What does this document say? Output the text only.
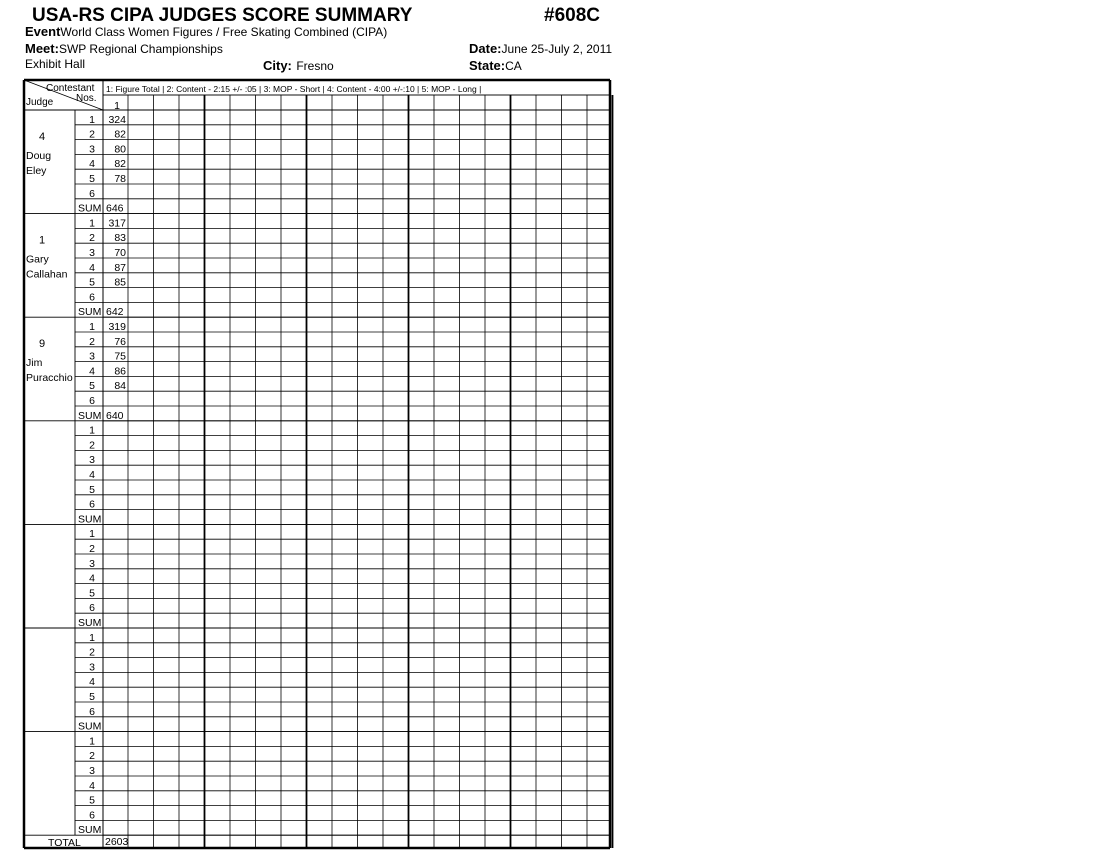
USA-RS CIPA JUDGES SCORE SUMMARY	#608C
EventWorld Class Women Figures / Free Skating Combined (CIPA)
Meet:SWP Regional Championships	Date:June 25-July 2, 2011
Exhibit Hall	City: Fresno	State:CA
Contestant
Nos.
Judge
1: Figure Total | 2: Content - 2:15 +/- :05 | 3: MOP - Short | 4: Content - 4:00 +/-:10 | 5: MOP - Long |
1
4
Doug
Eley
1 324
2 82
3 80
4 82
5 78
6
SUM 646
1
Gary
Callahan
1 317
2 83
3 70
4 87
5 85
6
SUM 642
9
Jim
Puracchio
1 319
2 76
3 75
4 86
5 84
6
SUM 640
1
2
3
4
5
6
SUM
1
2
3
4
5
6
SUM
1
2
3
4
5
6
SUM
1
2
3
4
5
6
SUM
TOTAL 2603
